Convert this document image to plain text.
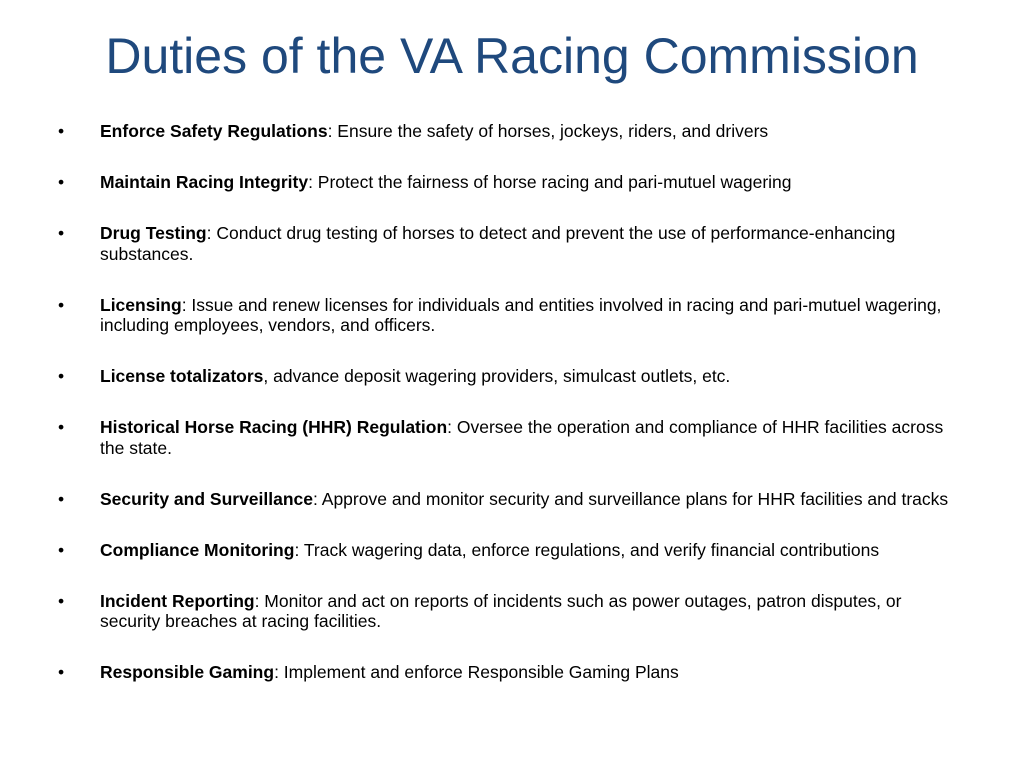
Duties of the VA Racing Commission
•	Enforce Safety Regulations: Ensure the safety of horses, jockeys, riders, and drivers
•	Maintain Racing Integrity: Protect the fairness of horse racing and pari-mutuel wagering
•	Drug Testing: Conduct drug testing of horses to detect and prevent the use of performance-enhancing substances.
•	Licensing: Issue and renew licenses for individuals and entities involved in racing and pari-mutuel wagering, including employees, vendors, and officers.
•	License totalizators, advance deposit wagering providers, simulcast outlets, etc.
•	Historical Horse Racing (HHR) Regulation: Oversee the operation and compliance of HHR facilities across the state.
•	Security and Surveillance: Approve and monitor security and surveillance plans for HHR facilities and tracks
•	Compliance Monitoring: Track wagering data, enforce regulations, and verify financial contributions
•	Incident Reporting: Monitor and act on reports of incidents such as power outages, patron disputes, or security breaches at racing facilities.
•	Responsible Gaming: Implement and enforce Responsible Gaming Plans
